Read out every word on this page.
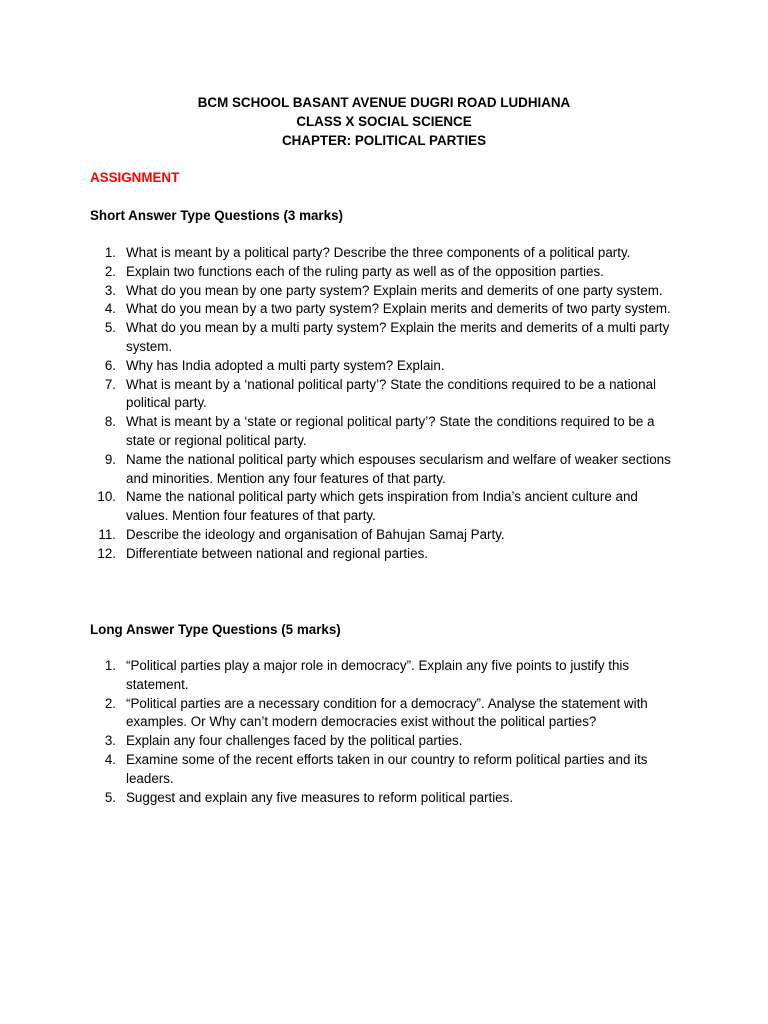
BCM SCHOOL BASANT AVENUE DUGRI ROAD LUDHIANA
CLASS X SOCIAL SCIENCE
CHAPTER: POLITICAL PARTIES
ASSIGNMENT
Short Answer Type Questions (3 marks)
1. What is meant by a political party? Describe the three components of a political party.
2. Explain two functions each of the ruling party as well as of the opposition parties.
3. What do you mean by one party system? Explain merits and demerits of one party system.
4. What do you mean by a two party system? Explain merits and demerits of two party system.
5. What do you mean by a multi party system? Explain the merits and demerits of a multi party system.
6. Why has India adopted a multi party system? Explain.
7. What is meant by a ‘national political party’? State the conditions required to be a national political party.
8. What is meant by a ‘state or regional political party’? State the conditions required to be a state or regional political party.
9. Name the national political party which espouses secularism and welfare of weaker sections and minorities. Mention any four features of that party.
10. Name the national political party which gets inspiration from India’s ancient culture and values. Mention four features of that party.
11. Describe the ideology and organisation of Bahujan Samaj Party.
12. Differentiate between national and regional parties.
Long Answer Type Questions (5 marks)
1. “Political parties play a major role in democracy”. Explain any five points to justify this statement.
2. “Political parties are a necessary condition for a democracy”. Analyse the statement with examples. Or Why can’t modern democracies exist without the political parties?
3. Explain any four challenges faced by the political parties.
4. Examine some of the recent efforts taken in our country to reform political parties and its leaders.
5. Suggest and explain any five measures to reform political parties.
